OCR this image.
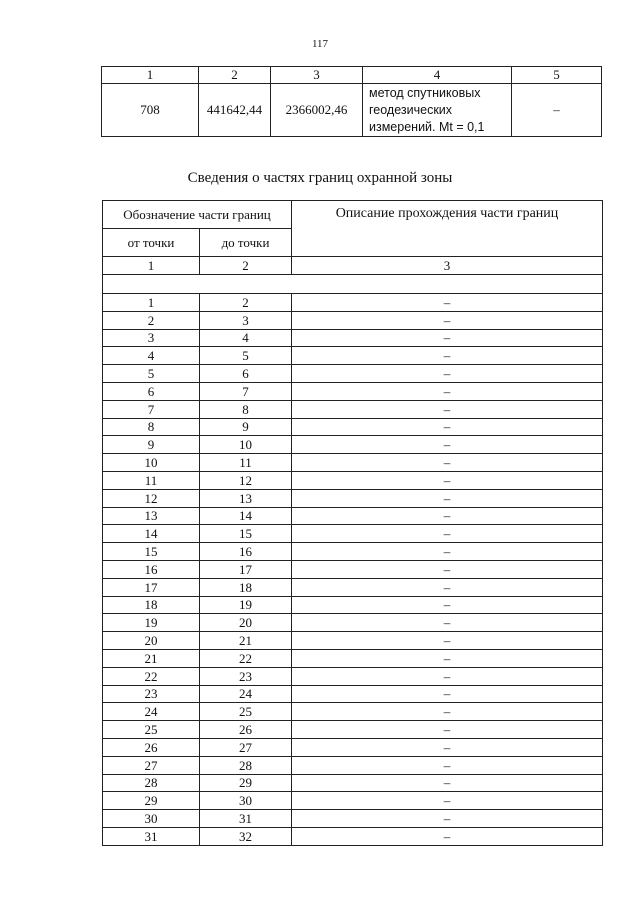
117
1	2	3	4	5
708	441642,44	2366002,46	метод спутниковых
геодезических
измерений. Mt = 0,1	–
Сведения о частях границ охранной зоны
Обозначение части границ		Описание прохождения части границ
от точки	до точки	
1	2	3

1	2	–
2	3	–
3	4	–
4	5	–
5	6	–
6	7	–
7	8	–
8	9	–
9	10	–
10	11	–
11	12	–
12	13	–
13	14	–
14	15	–
15	16	–
16	17	–
17	18	–
18	19	–
19	20	–
20	21	–
21	22	–
22	23	–
23	24	–
24	25	–
25	26	–
26	27	–
27	28	–
28	29	–
29	30	–
30	31	–
31	32	–
